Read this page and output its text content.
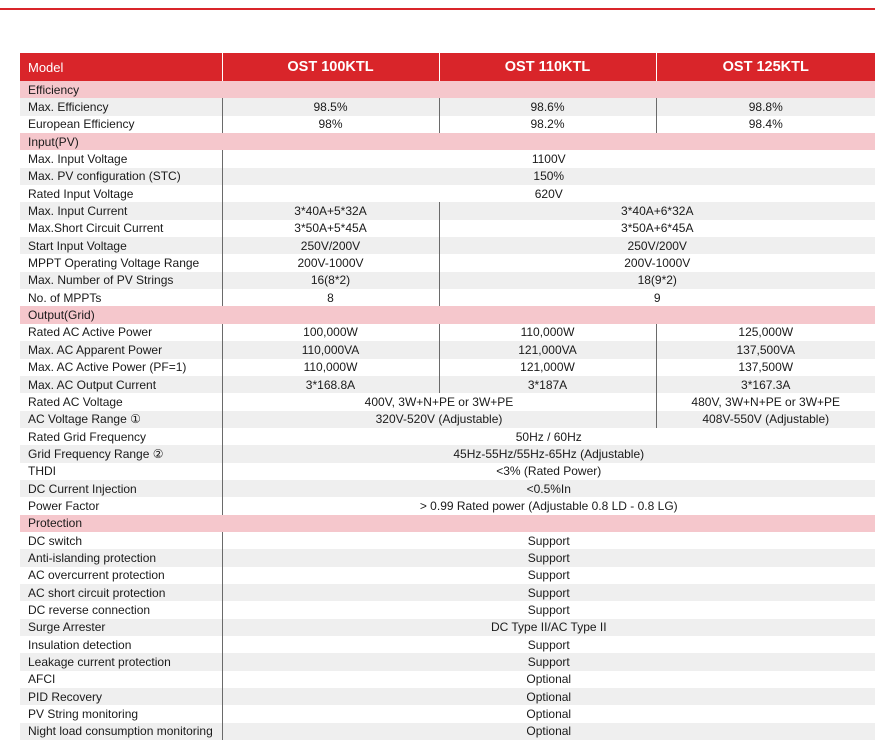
Model	OST 100KTL	OST 110KTL	OST 125KTL
Efficiency			
Max. Efficiency	98.5%	98.6%	98.8%
European Efficiency	98%	98.2%	98.4%
Input(PV)			
Max. Input Voltage	1100V		
Max. PV configuration (STC)	150%		
Rated Input Voltage	620V		
Max. Input Current	3*40A+5*32A	3*40A+6*32A	
Max.Short Circuit Current	3*50A+5*45A	3*50A+6*45A	
Start Input Voltage	250V/200V	250V/200V	
MPPT Operating Voltage Range	200V-1000V	200V-1000V	
Max. Number of PV Strings	16(8*2)	18(9*2)	
No. of MPPTs	8	9	
Output(Grid)			
Rated AC Active Power	100,000W	110,000W	125,000W
Max. AC Apparent Power	110,000VA	121,000VA	137,500VA
Max. AC Active Power (PF=1)	110,000W	121,000W	137,500W
Max. AC Output Current	3*168.8A	3*187A	3*167.3A
Rated AC Voltage	400V, 3W+N+PE or 3W+PE		480V, 3W+N+PE or 3W+PE
AC Voltage Range ①	320V-520V (Adjustable)		408V-550V (Adjustable)
Rated Grid Frequency	50Hz / 60Hz		
Grid Frequency Range ②	45Hz-55Hz/55Hz-65Hz (Adjustable)		
THDI	<3% (Rated Power)		
DC Current Injection	<0.5%In		
Power Factor	> 0.99 Rated power (Adjustable 0.8 LD - 0.8 LG)		
Protection			
DC switch	Support		
Anti-islanding protection	Support		
AC overcurrent protection	Support		
AC short circuit protection	Support		
DC reverse connection	Support		
Surge Arrester	DC Type II/AC Type II		
Insulation detection	Support		
Leakage current protection	Support		
AFCI	Optional		
PID Recovery	Optional		
PV String monitoring	Optional		
Night load consumption monitoring	Optional		
